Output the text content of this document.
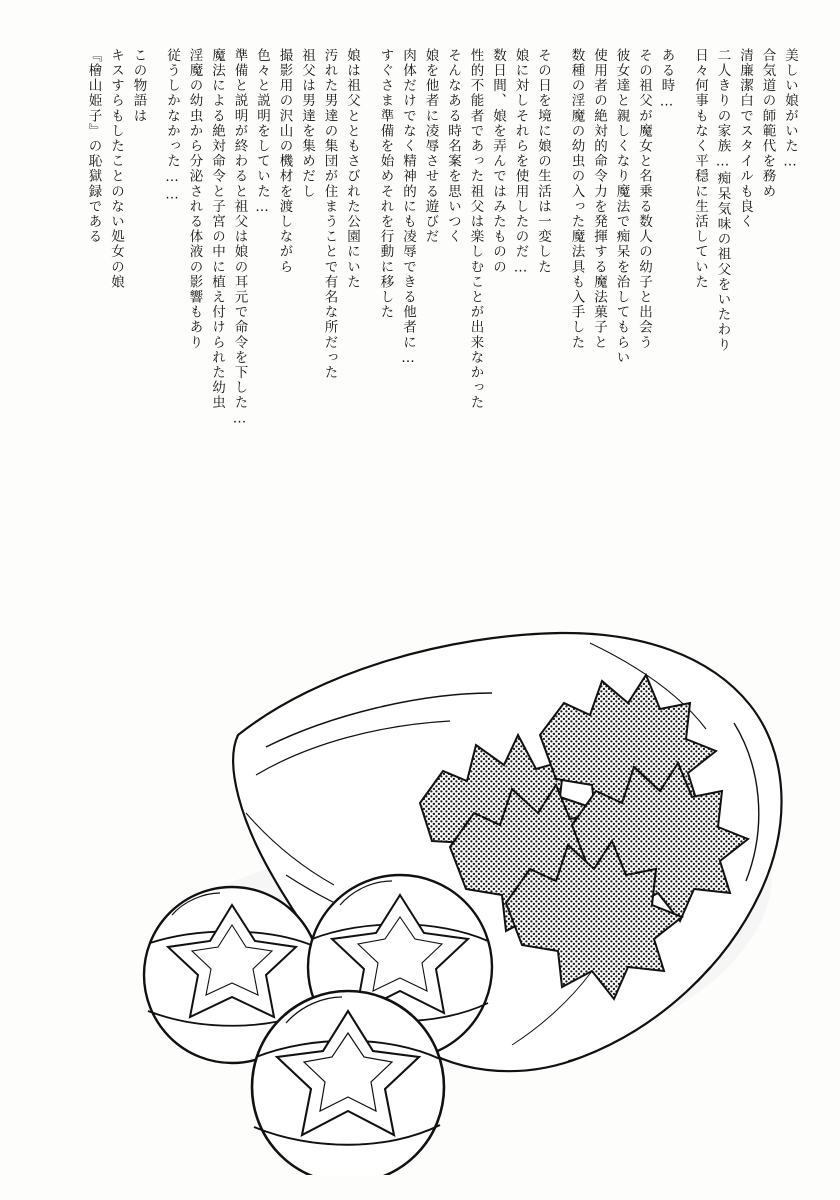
『檜山姫子』の恥獄録である キスすらもしたことのない処女の娘 この物語は 従うしかなかった…… 淫魔の幼虫から分泌される体液の影響もあり 魔法による絶対命令と子宮の中に植え付けられた幼虫 準備と説明が終わると祖父は娘の耳元で命令を下した… 色々と説明をしていた… 撮影用の沢山の機材を渡しながら 祖父は男達を集めだし 汚れた男達の集団が住まうことで有名な所だった 娘は祖父とともさびれた公園にいた すぐさま準備を始めそれを行動に移した 肉体だけでなく精神的にも凌辱できる他者に… 娘を他者に凌辱させる遊びだ そんなある時名案を思いつく 性的不能者であった祖父は楽しむことが出来なかった 数日間、娘を弄んではみたものの 娘に対しそれらを使用したのだ… その日を境に娘の生活は一変した 数種の淫魔の幼虫の入った魔法具も入手した 使用者の絶対的命令力を発揮する魔法菓子と 彼女達と親しくなり魔法で痴呆を治してもらい その祖父が魔女と名乗る数人の幼子と出会う ある時… 日々何事もなく平穏に生活していた 二人きりの家族…痴呆気味の祖父をいたわり 清廉潔白でスタイルも良く 合気道の師範代を務め 美しい娘がいた…
